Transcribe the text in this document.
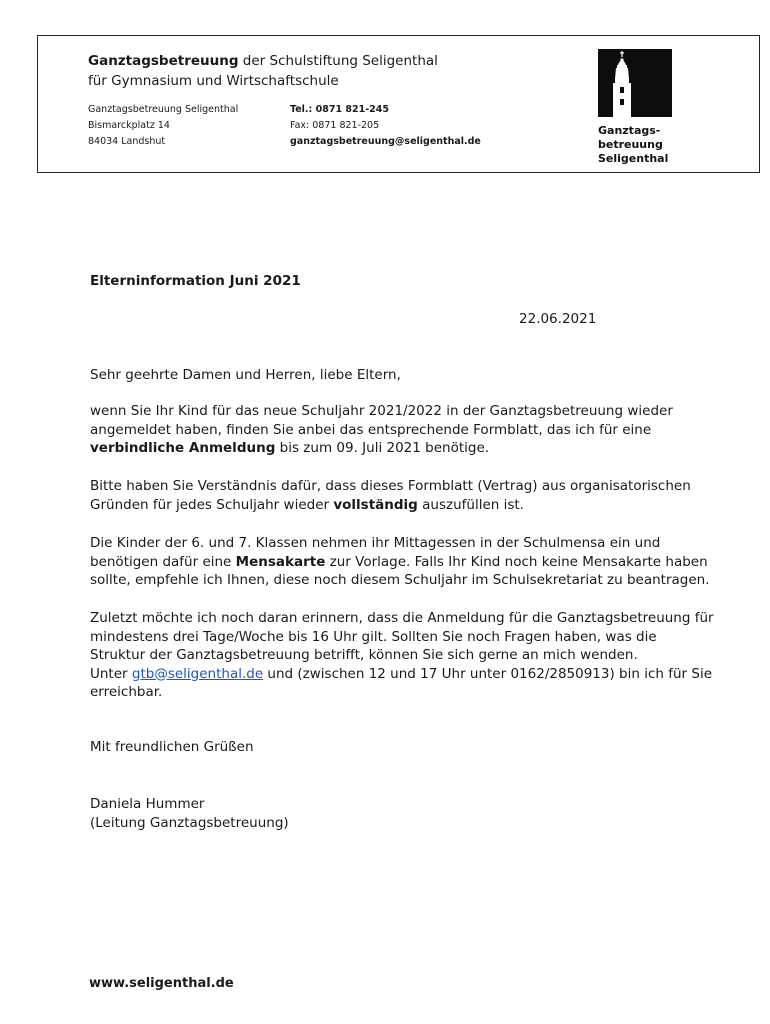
Ganztagsbetreuung der Schulstiftung Seligenthal
für Gymnasium und Wirtschaftschule
Ganztagsbetreuung Seligenthal
Bismarckplatz 14
84034 Landshut
Tel.: 0871 821-245
Fax: 0871 821-205
ganztagsbetreuung@seligenthal.de
Ganztags-
betreuung
Seligenthal
Elterninformation Juni 2021
22.06.2021
Sehr geehrte Damen und Herren, liebe Eltern,
wenn Sie Ihr Kind für das neue Schuljahr 2021/2022 in der Ganztagsbetreuung wieder
angemeldet haben, finden Sie anbei das entsprechende Formblatt, das ich für eine
verbindliche Anmeldung bis zum 09. Juli 2021 benötige.
Bitte haben Sie Verständnis dafür, dass dieses Formblatt (Vertrag) aus organisatorischen
Gründen für jedes Schuljahr wieder vollständig auszufüllen ist.
Die Kinder der 6. und 7. Klassen nehmen ihr Mittagessen in der Schulmensa ein und
benötigen dafür eine Mensakarte zur Vorlage. Falls Ihr Kind noch keine Mensakarte haben
sollte, empfehle ich Ihnen, diese noch diesem Schuljahr im Schulsekretariat zu beantragen.
Zuletzt möchte ich noch daran erinnern, dass die Anmeldung für die Ganztagsbetreuung für
mindestens drei Tage/Woche bis 16 Uhr gilt. Sollten Sie noch Fragen haben, was die
Struktur der Ganztagsbetreuung betrifft, können Sie sich gerne an mich wenden.
Unter gtb@seligenthal.de und (zwischen 12 und 17 Uhr unter 0162/2850913) bin ich für Sie
erreichbar.
Mit freundlichen Grüßen
Daniela Hummer
(Leitung Ganztagsbetreuung)
www.seligenthal.de
